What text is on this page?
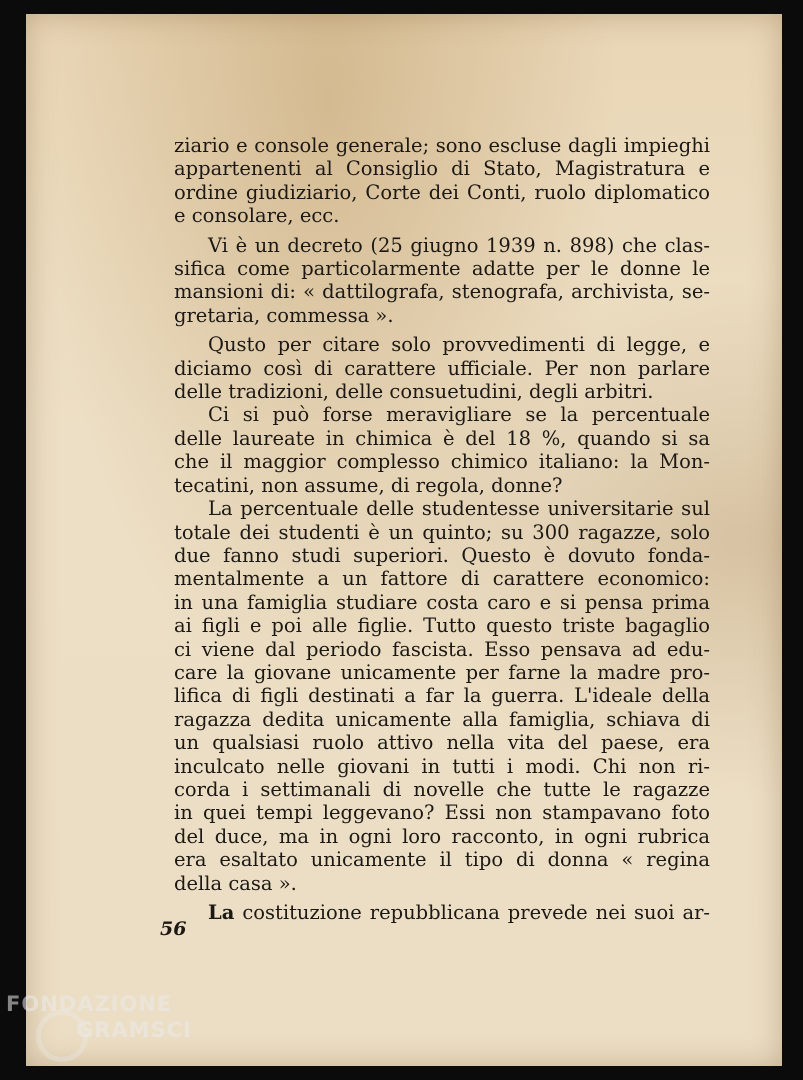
ziario e console generale; sono escluse dagli impieghi
appartenenti al Consiglio di Stato, Magistratura e
ordine giudiziario, Corte dei Conti, ruolo diplomatico
e consolare, ecc.
Vi è un decreto (25 giugno 1939 n. 898) che clas-
sifica come particolarmente adatte per le donne le
mansioni di: « dattilografa, stenografa, archivista, se-
gretaria, commessa ».
Qusto per citare solo provvedimenti di legge, e
diciamo così di carattere ufficiale. Per non parlare
delle tradizioni, delle consuetudini, degli arbitri.
Ci si può forse meravigliare se la percentuale
delle laureate in chimica è del 18 %, quando si sa
che il maggior complesso chimico italiano: la Mon-
tecatini, non assume, di regola, donne?
La percentuale delle studentesse universitarie sul
totale dei studenti è un quinto; su 300 ragazze, solo
due fanno studi superiori. Questo è dovuto fonda-
mentalmente a un fattore di carattere economico:
in una famiglia studiare costa caro e si pensa prima
ai figli e poi alle figlie. Tutto questo triste bagaglio
ci viene dal periodo fascista. Esso pensava ad edu-
care la giovane unicamente per farne la madre pro-
lifica di figli destinati a far la guerra. L'ideale della
ragazza dedita unicamente alla famiglia, schiava di
un qualsiasi ruolo attivo nella vita del paese, era
inculcato nelle giovani in tutti i modi. Chi non ri-
corda i settimanali di novelle che tutte le ragazze
in quei tempi leggevano? Essi non stampavano foto
del duce, ma in ogni loro racconto, in ogni rubrica
era esaltato unicamente il tipo di donna « regina
della casa ».
La costituzione repubblicana prevede nei suoi ar-
56
FONDAZIONE
GRAMSCI
